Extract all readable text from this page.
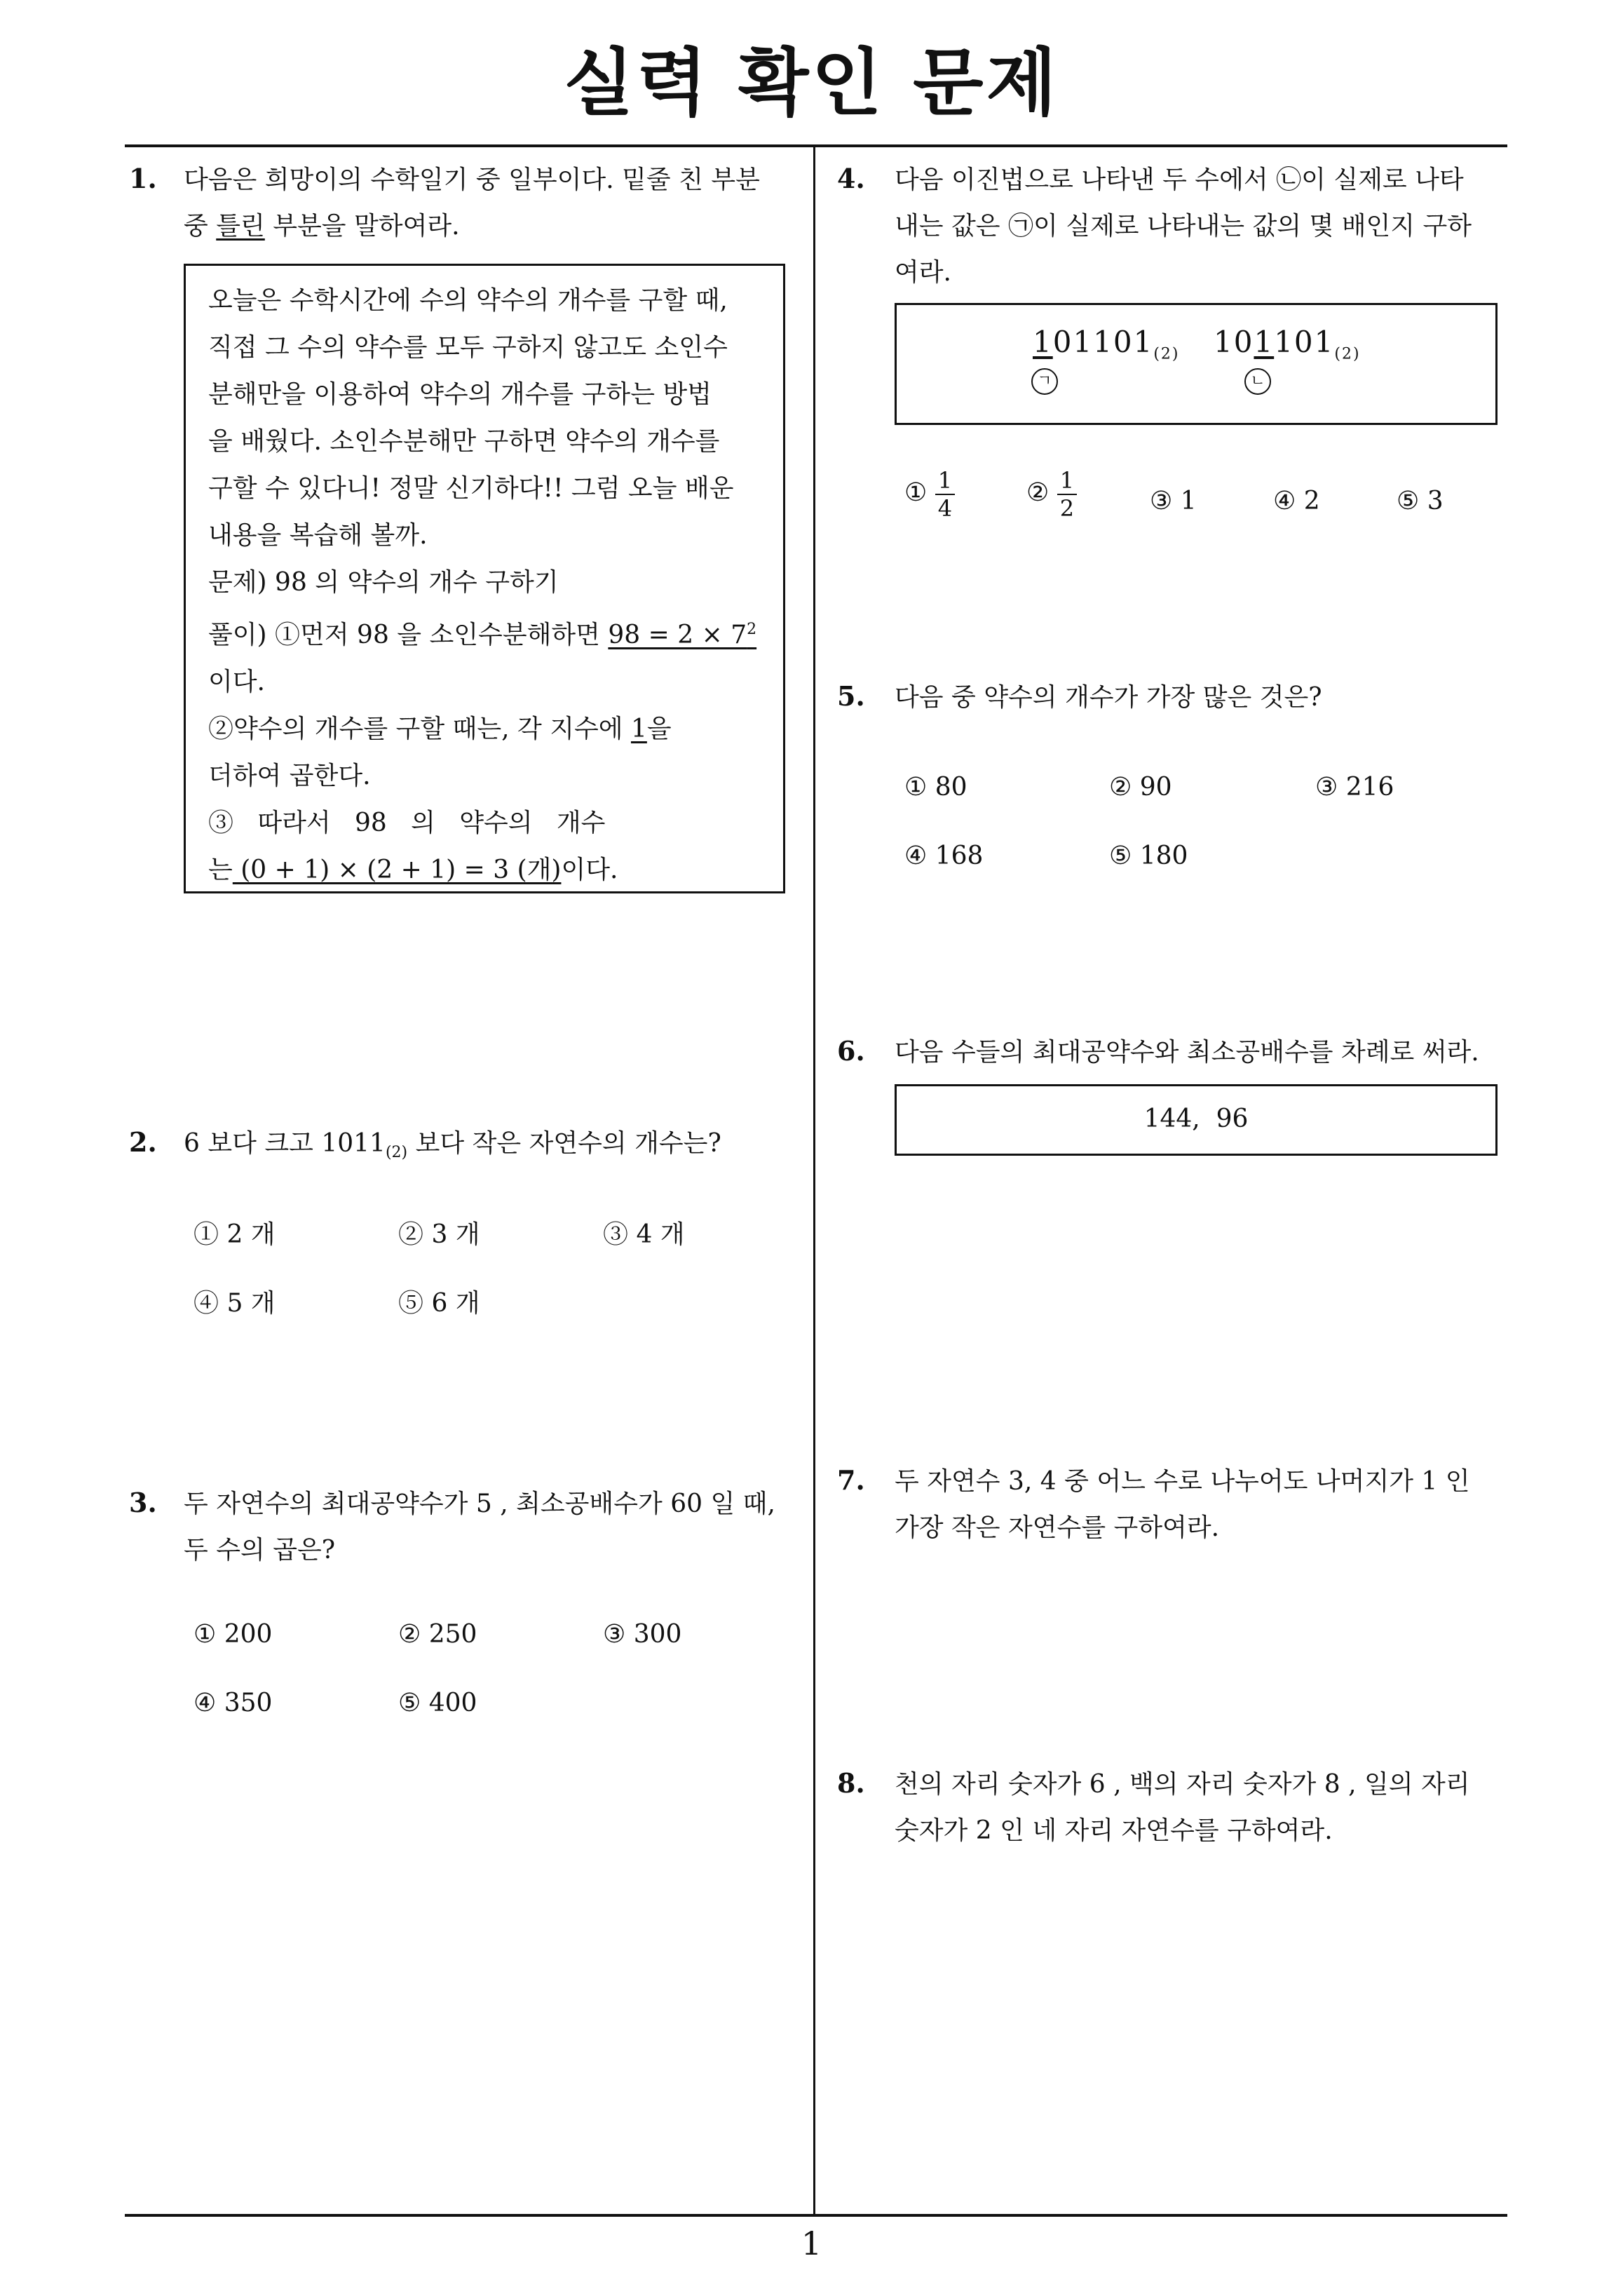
실력 확인 문제
1
1. 다음은 희망이의 수학일기 중 일부이다. 밑줄 친 부분
중 틀린 부분을 말하여라.
오늘은 수학시간에 수의 약수의 개수를 구할 때,
직접 그 수의 약수를 모두 구하지 않고도 소인수
분해만을 이용하여 약수의 개수를 구하는 방법
을 배웠다. 소인수분해만 구하면 약수의 개수를
구할 수 있다니! 정말 신기하다!! 그럼 오늘 배운
내용을 복습해 볼까.
문제) 98 의 약수의 개수 구하기
풀이) ①먼저 98 을 소인수분해하면 $98 = 2 \times 7^2$
이다.
②약수의 개수를 구할 때는, 각 지수에 1을
더하여 곱한다.
③   따라서   98   의   약수의   개수
는 (0 + 1) × (2 + 1) = 3 (개)이다.
2. 6 보다 크고 $1011_{(2)}$ 보다 작은 자연수의 개수는?
① 2 개	② 3 개	③ 4 개
④ 5 개	⑤ 6 개
3. 두 자연수의 최대공약수가 5 , 최소공배수가 60 일 때,
두 수의 곱은?
① 200	② 250	③ 300
④ 350	⑤ 400
4. 다음 이진법으로 나타낸 두 수에서 ㉡이 실제로 나타
내는 값은 ㉠이 실제로 나타내는 값의 몇 배인지 구하
여라.
$101101_{(2)}$ $101101_{(2)}$
ㄱ	ㄴ
① $\frac{1}{4}$	② $\frac{1}{2}$	③ 1	④ 2	⑤ 3
5. 다음 중 약수의 개수가 가장 많은 것은?
① 80	② 90	③ 216
④ 168	⑤ 180
6. 다음 수들의 최대공약수와 최소공배수를 차례로 써라.
144,  96
7. 두 자연수 3, 4 중 어느 수로 나누어도 나머지가 1 인
가장 작은 자연수를 구하여라.
8. 천의 자리 숫자가 6 , 백의 자리 숫자가 8 , 일의 자리
숫자가 2 인 네 자리 자연수를 구하여라.
